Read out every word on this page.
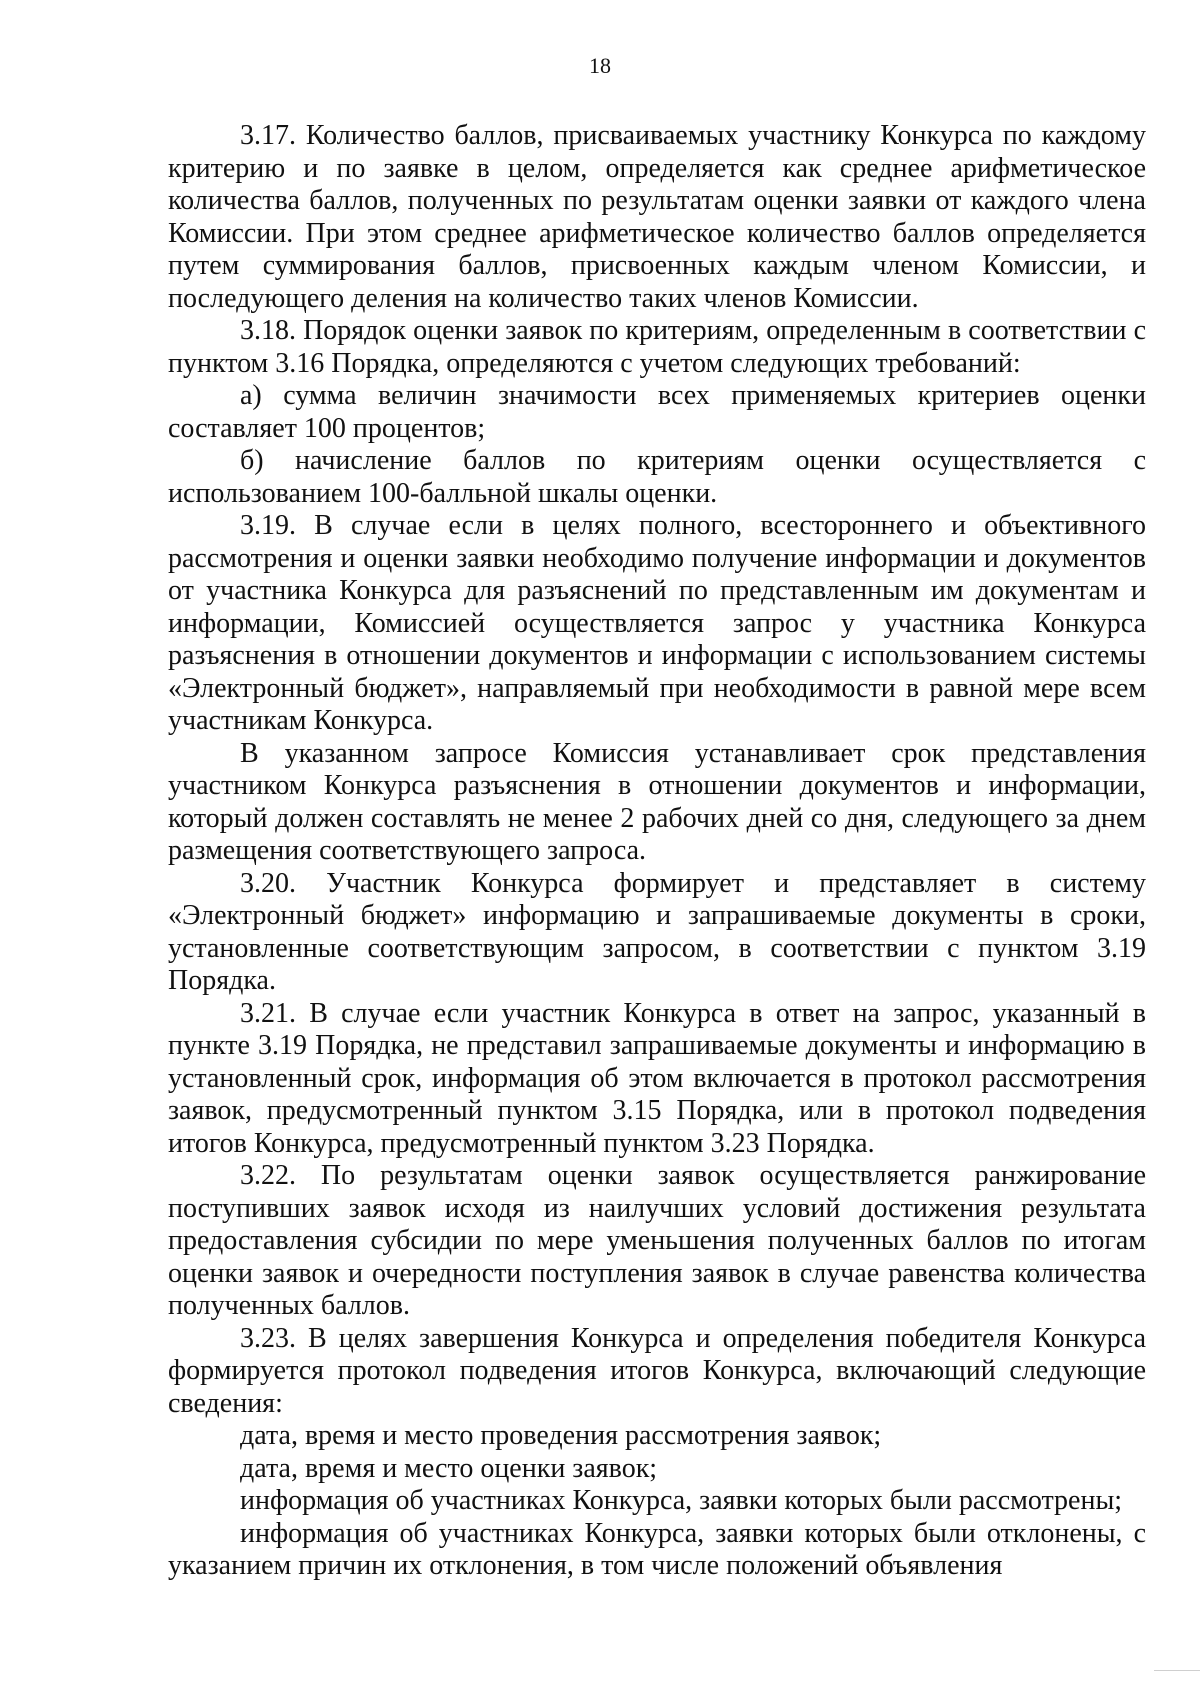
18

3.17. Количество баллов, присваиваемых участнику Конкурса по каждому критерию и по заявке в целом, определяется как среднее арифметическое количества баллов, полученных по результатам оценки заявки от каждого члена Комиссии. При этом среднее арифметическое количество баллов определяется путем суммирования баллов, присвоенных каждым членом Комиссии, и последующего деления на количество таких членов Комиссии.

3.18. Порядок оценки заявок по критериям, определенным в соответствии с пунктом 3.16 Порядка, определяются с учетом следующих требований:

а) сумма величин значимости всех применяемых критериев оценки составляет 100 процентов;

б) начисление баллов по критериям оценки осуществляется с использованием 100-балльной шкалы оценки.

3.19. В случае если в целях полного, всестороннего и объективного рассмотрения и оценки заявки необходимо получение информации и документов от участника Конкурса для разъяснений по представленным им документам и информации, Комиссией осуществляется запрос у участника Конкурса разъяснения в отношении документов и информации с использованием системы «Электронный бюджет», направляемый при необходимости в равной мере всем участникам Конкурса.

В указанном запросе Комиссия устанавливает срок представления участником Конкурса разъяснения в отношении документов и информации, который должен составлять не менее 2 рабочих дней со дня, следующего за днем размещения соответствующего запроса.

3.20. Участник Конкурса формирует и представляет в систему «Электронный бюджет» информацию и запрашиваемые документы в сроки, установленные соответствующим запросом, в соответствии с пунктом 3.19 Порядка.

3.21. В случае если участник Конкурса в ответ на запрос, указанный в пункте 3.19 Порядка, не представил запрашиваемые документы и информацию в установленный срок, информация об этом включается в протокол рассмотрения заявок, предусмотренный пунктом 3.15 Порядка, или в протокол подведения итогов Конкурса, предусмотренный пунктом 3.23 Порядка.

3.22. По результатам оценки заявок осуществляется ранжирование поступивших заявок исходя из наилучших условий достижения результата предоставления субсидии по мере уменьшения полученных баллов по итогам оценки заявок и очередности поступления заявок в случае равенства количества полученных баллов.

3.23. В целях завершения Конкурса и определения победителя Конкурса формируется протокол подведения итогов Конкурса, включающий следующие сведения:

дата, время и место проведения рассмотрения заявок;

дата, время и место оценки заявок;

информация об участниках Конкурса, заявки которых были рассмотрены;

информация об участниках Конкурса, заявки которых были отклонены, с указанием причин их отклонения, в том числе положений объявления
